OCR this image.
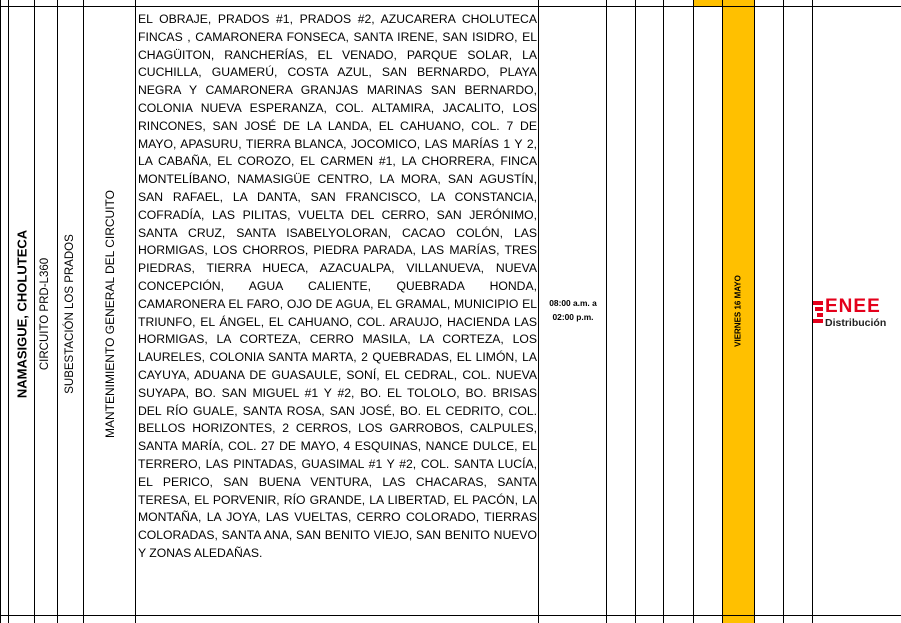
NAMASIGUE, CHOLUTECA CIRCUITO PRD-L360 SUBESTACIÓN LOS PRADOS MANTENIMIENTO GENERAL DEL CIRCUITO
EL OBRAJE, PRADOS #1, PRADOS #2, AZUCARERA CHOLUTECA FINCAS , CAMARONERA FONSECA, SANTA IRENE, SAN ISIDRO, EL CHAGÜITON, RANCHERÍAS, EL VENADO, PARQUE SOLAR, LA CUCHILLA, GUAMERÚ, COSTA AZUL, SAN BERNARDO, PLAYA NEGRA Y CAMARONERA GRANJAS MARINAS SAN BERNARDO, COLONIA NUEVA ESPERANZA, COL. ALTAMIRA, JACALITO, LOS RINCONES, SAN JOSÉ DE LA LANDA, EL CAHUANO, COL. 7 DE MAYO, APASURU, TIERRA BLANCA, JOCOMICO, LAS MARÍAS 1 Y 2, LA CABAÑA, EL COROZO, EL CARMEN #1, LA CHORRERA, FINCA MONTELÍBANO, NAMASIGÜE CENTRO, LA MORA, SAN AGUSTÍN, SAN RAFAEL, LA DANTA, SAN FRANCISCO, LA CONSTANCIA, COFRADÍA, LAS PILITAS, VUELTA DEL CERRO, SAN JERÓNIMO, SANTA CRUZ, SANTA ISABELYOLORAN, CACAO COLÓN, LAS HORMIGAS, LOS CHORROS, PIEDRA PARADA, LAS MARÍAS, TRES PIEDRAS, TIERRA HUECA, AZACUALPA, VILLANUEVA, NUEVA CONCEPCIÓN, AGUA CALIENTE, QUEBRADA HONDA, CAMARONERA EL FARO, OJO DE AGUA, EL GRAMAL, MUNICIPIO EL TRIUNFO, EL ÁNGEL, EL CAHUANO, COL. ARAUJO, HACIENDA LAS HORMIGAS, LA CORTEZA, CERRO MASILA, LA CORTEZA, LOS LAURELES, COLONIA SANTA MARTA, 2 QUEBRADAS, EL LIMÓN, LA CAYUYA, ADUANA DE GUASAULE, SONÍ, EL CEDRAL, COL. NUEVA SUYAPA, BO. SAN MIGUEL #1 Y #2, BO. EL TOLOLO, BO. BRISAS DEL RÍO GUALE, SANTA ROSA, SAN JOSÉ, BO. EL CEDRITO, COL. BELLOS HORIZONTES, 2 CERROS, LOS GARROBOS, CALPULES, SANTA MARÍA, COL. 27 DE MAYO, 4 ESQUINAS, NANCE DULCE, EL TERRERO, LAS PINTADAS, GUASIMAL #1 Y #2, COL. SANTA LUCÍA, EL PERICO, SAN BUENA VENTURA, LAS CHACARAS, SANTA TERESA, EL PORVENIR, RÍO GRANDE, LA LIBERTAD, EL PACÓN, LA MONTAÑA, LA JOYA, LAS VUELTAS, CERRO COLORADO, TIERRAS COLORADAS, SANTA ANA, SAN BENITO VIEJO, SAN BENITO NUEVO Y ZONAS ALEDAÑAS.
08:00 a.m. a
02:00 p.m.	VIERNES 16 MAYO	ENEE
Distribución
